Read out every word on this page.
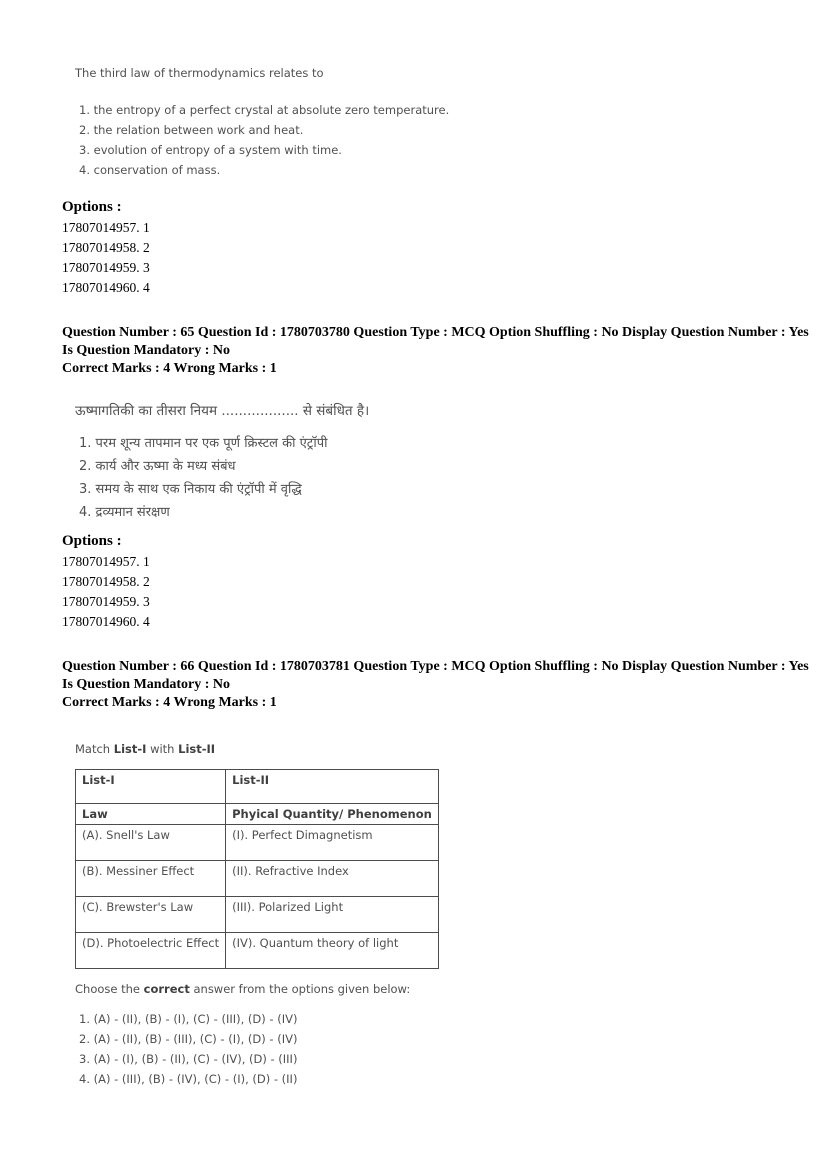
The third law of thermodynamics relates to

1. the entropy of a perfect crystal at absolute zero temperature.

2. the relation between work and heat.

3. evolution of entropy of a system with time.

4. conservation of mass.

Options :

17807014957. 1

17807014958. 2

17807014959. 3

17807014960. 4

Question Number : 65 Question Id : 1780703780 Question Type : MCQ Option Shuffling : No Display Question Number : Yes

Is Question Mandatory : No

Correct Marks : 4 Wrong Marks : 1

ऊष्मागतिकी का तीसरा नियम .................. से संबंधित है।

1. परम शून्य तापमान पर एक पूर्ण क्रिस्टल की एंट्रॉपी

2. कार्य और ऊष्मा के मध्य संबंध

3. समय के साथ एक निकाय की एंट्रॉपी में वृद्धि

4. द्रव्यमान संरक्षण

Options :

17807014957. 1

17807014958. 2

17807014959. 3

17807014960. 4

Question Number : 66 Question Id : 1780703781 Question Type : MCQ Option Shuffling : No Display Question Number : Yes

Is Question Mandatory : No

Correct Marks : 4 Wrong Marks : 1

Match List-I with List-II

List-I	List-II
Law	Phyical Quantity/ Phenomenon
(A). Snell's Law	(I). Perfect Dimagnetism
(B). Messiner Effect	(II). Refractive Index
(C). Brewster's Law	(III). Polarized Light
(D). Photoelectric Effect	(IV). Quantum theory of light

Choose the correct answer from the options given below:

1. (A) - (II), (B) - (I), (C) - (III), (D) - (IV)

2. (A) - (II), (B) - (III), (C) - (I), (D) - (IV)

3. (A) - (I), (B) - (II), (C) - (IV), (D) - (III)

4. (A) - (III), (B) - (IV), (C) - (I), (D) - (II)
